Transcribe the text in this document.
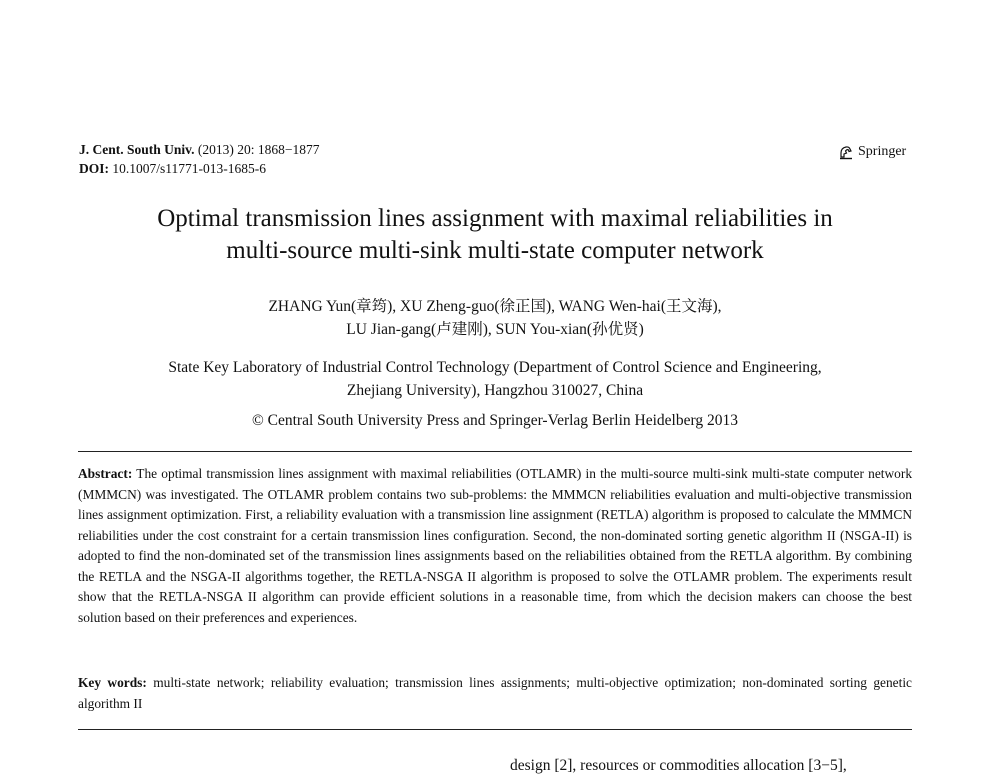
J. Cent. South Univ. (2013) 20: 1868−1877
DOI: 10.1007/s11771-013-1685-6
Springer
Optimal transmission lines assignment with maximal reliabilities in
multi-source multi-sink multi-state computer network
ZHANG Yun(章筠), XU Zheng-guo(徐正国), WANG Wen-hai(王文海),
LU Jian-gang(卢建刚), SUN You-xian(孙优贤)
State Key Laboratory of Industrial Control Technology (Department of Control Science and Engineering,
Zhejiang University), Hangzhou 310027, China
© Central South University Press and Springer-Verlag Berlin Heidelberg 2013
Abstract: The optimal transmission lines assignment with maximal reliabilities (OTLAMR) in the multi-source multi-sink multi-state computer network (MMMCN) was investigated. The OTLAMR problem contains two sub-problems: the MMMCN reliabilities evaluation and multi-objective transmission lines assignment optimization. First, a reliability evaluation with a transmission line assignment (RETLA) algorithm is proposed to calculate the MMMCN reliabilities under the cost constraint for a certain transmission lines configuration. Second, the non-dominated sorting genetic algorithm II (NSGA-II) is adopted to find the non-dominated set of the transmission lines assignments based on the reliabilities obtained from the RETLA algorithm. By combining the RETLA and the NSGA-II algorithms together, the RETLA-NSGA II algorithm is proposed to solve the OTLAMR problem. The experiments result show that the RETLA-NSGA II algorithm can provide efficient solutions in a reasonable time, from which the decision makers can choose the best solution based on their preferences and experiences.
Key words: multi-state network; reliability evaluation; transmission lines assignments; multi-objective optimization; non-dominated sorting genetic algorithm II
design [2], resources or commodities allocation [3−5],
